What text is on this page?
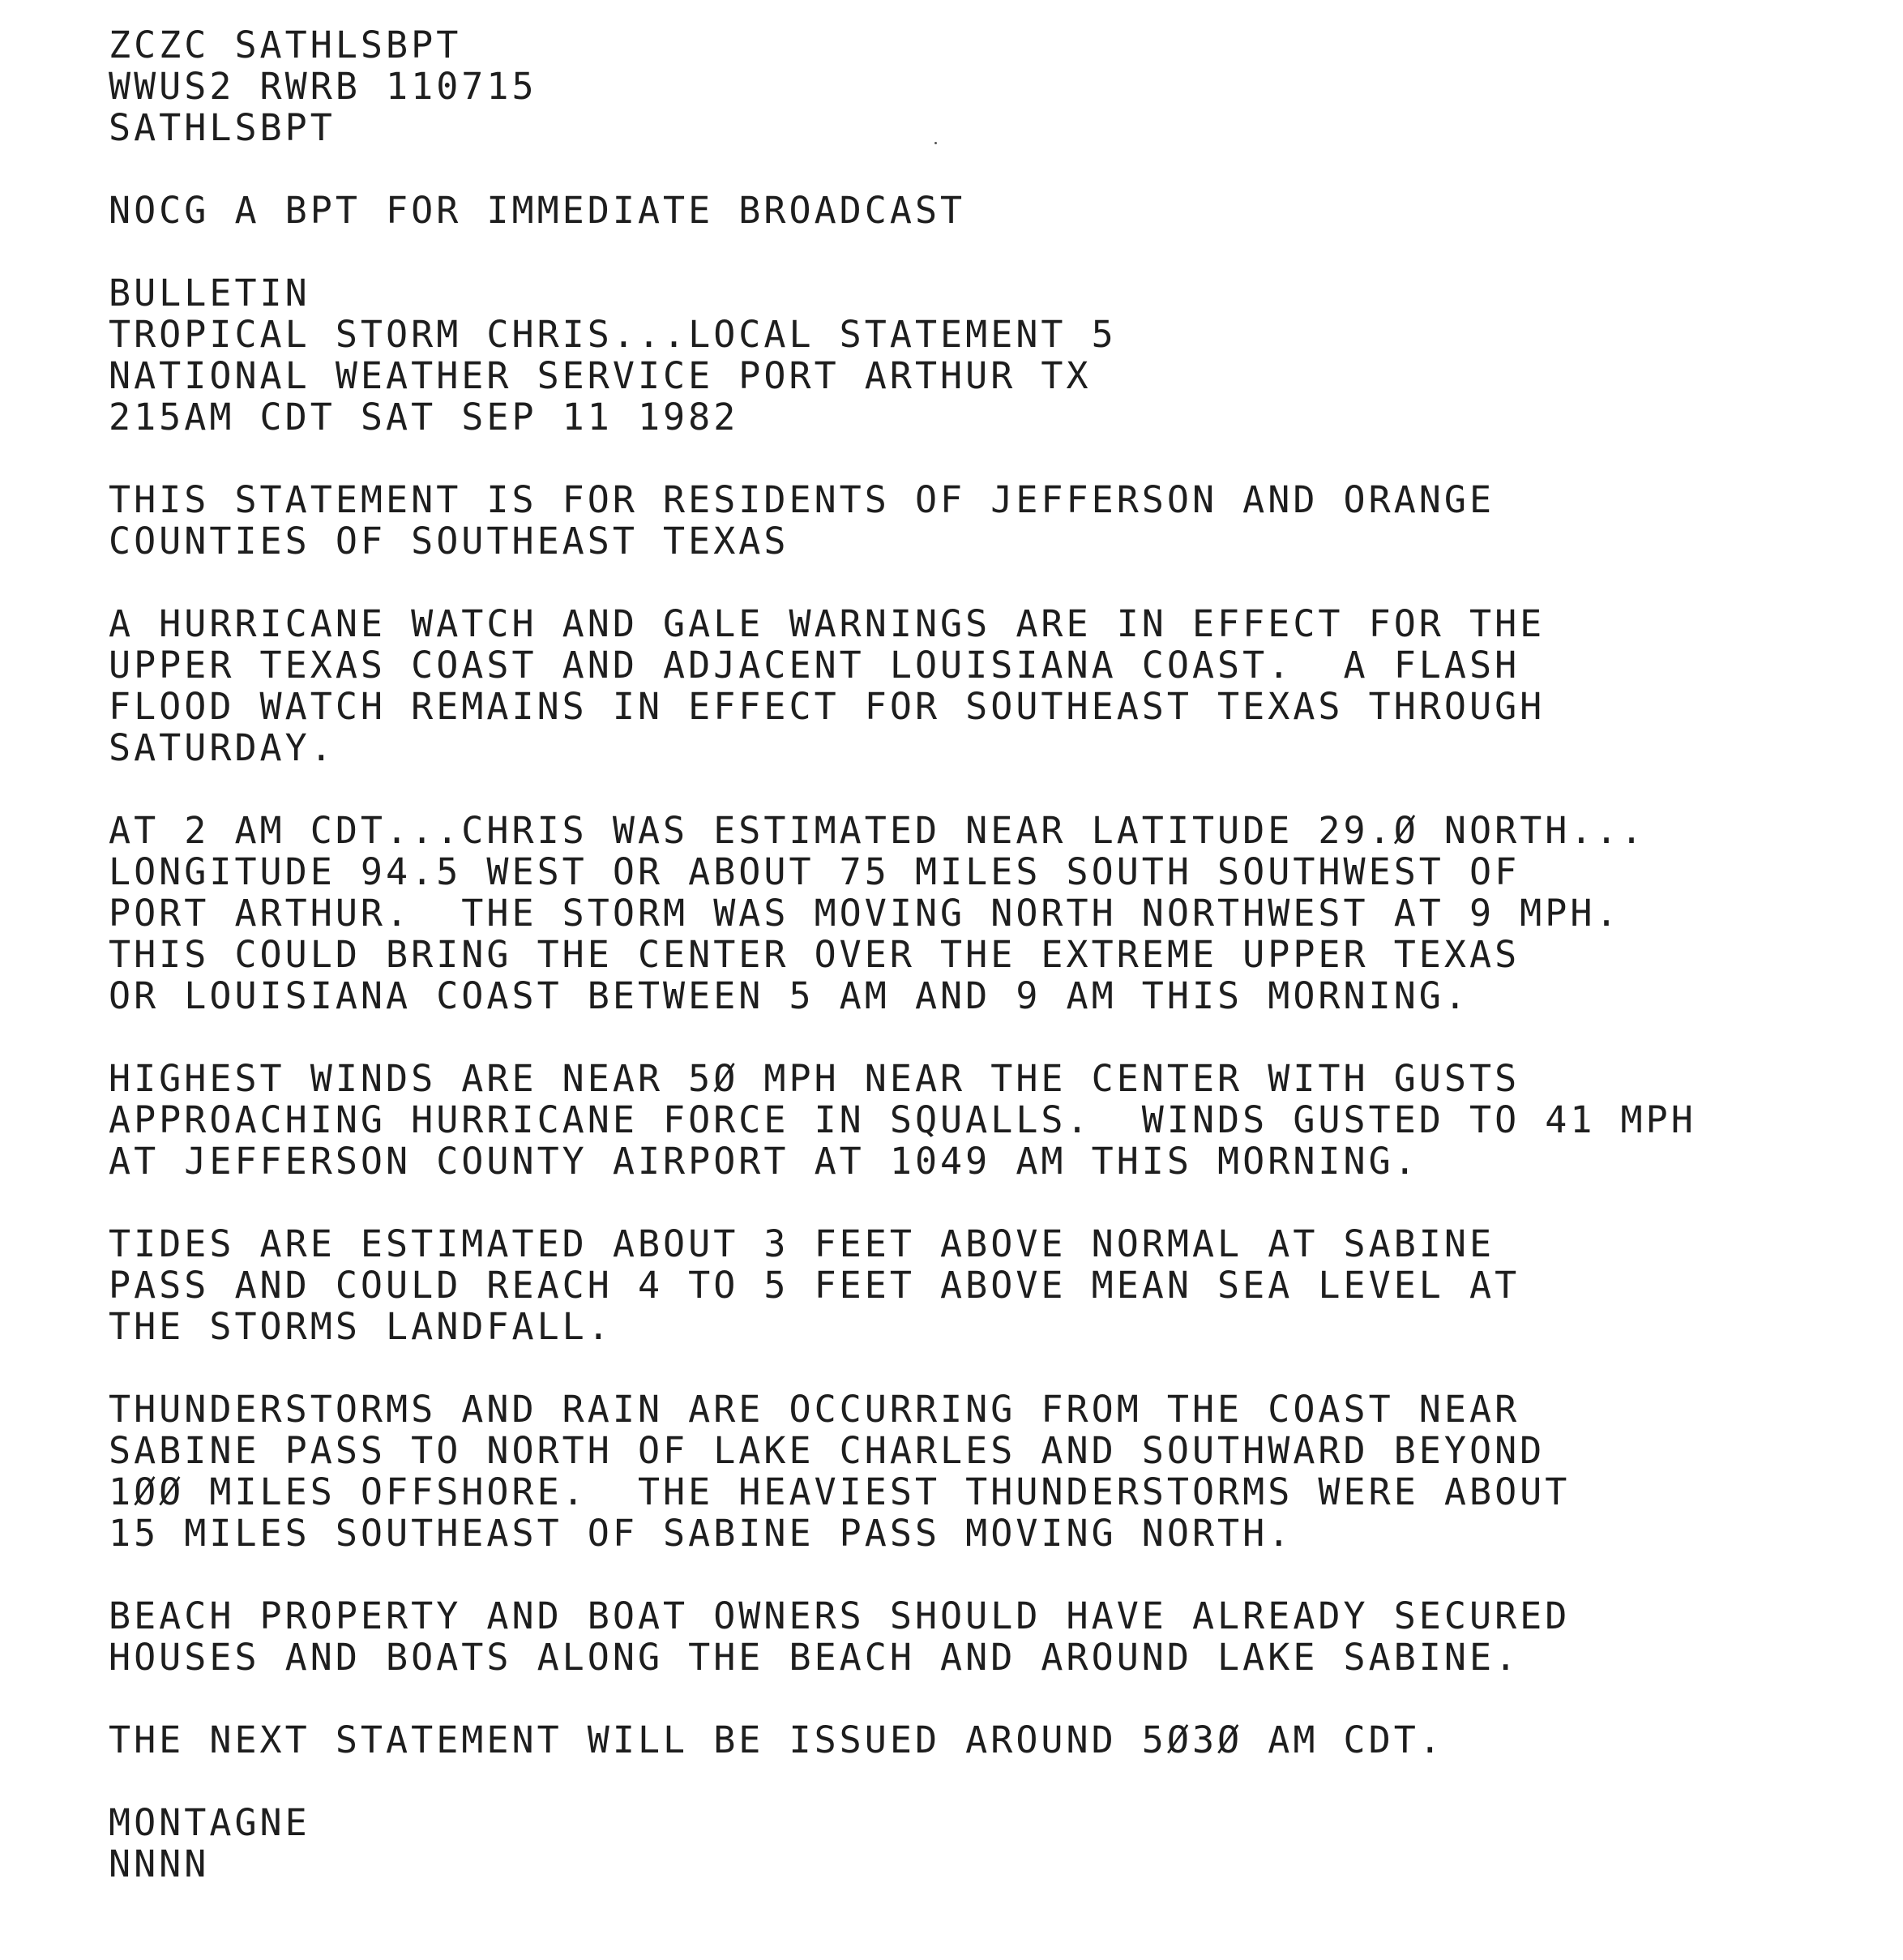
ZCZC SATHLSBPT
WWUS2 RWRB 110715
SATHLSBPT
NOCG A BPT FOR IMMEDIATE BROADCAST
BULLETIN
TROPICAL STORM CHRIS...LOCAL STATEMENT 5
NATIONAL WEATHER SERVICE PORT ARTHUR TX
215AM CDT SAT SEP 11 1982
THIS STATEMENT IS FOR RESIDENTS OF JEFFERSON AND ORANGE
COUNTIES OF SOUTHEAST TEXAS
A HURRICANE WATCH AND GALE WARNINGS ARE IN EFFECT FOR THE
UPPER TEXAS COAST AND ADJACENT LOUISIANA COAST.  A FLASH
FLOOD WATCH REMAINS IN EFFECT FOR SOUTHEAST TEXAS THROUGH
SATURDAY.
AT 2 AM CDT...CHRIS WAS ESTIMATED NEAR LATITUDE 29.Ø NORTH...
LONGITUDE 94.5 WEST OR ABOUT 75 MILES SOUTH SOUTHWEST OF
PORT ARTHUR.  THE STORM WAS MOVING NORTH NORTHWEST AT 9 MPH.
THIS COULD BRING THE CENTER OVER THE EXTREME UPPER TEXAS
OR LOUISIANA COAST BETWEEN 5 AM AND 9 AM THIS MORNING.
HIGHEST WINDS ARE NEAR 5Ø MPH NEAR THE CENTER WITH GUSTS
APPROACHING HURRICANE FORCE IN SQUALLS.  WINDS GUSTED TO 41 MPH
AT JEFFERSON COUNTY AIRPORT AT 1049 AM THIS MORNING.
TIDES ARE ESTIMATED ABOUT 3 FEET ABOVE NORMAL AT SABINE
PASS AND COULD REACH 4 TO 5 FEET ABOVE MEAN SEA LEVEL AT
THE STORMS LANDFALL.
THUNDERSTORMS AND RAIN ARE OCCURRING FROM THE COAST NEAR
SABINE PASS TO NORTH OF LAKE CHARLES AND SOUTHWARD BEYOND
1ØØ MILES OFFSHORE.  THE HEAVIEST THUNDERSTORMS WERE ABOUT
15 MILES SOUTHEAST OF SABINE PASS MOVING NORTH.
BEACH PROPERTY AND BOAT OWNERS SHOULD HAVE ALREADY SECURED
HOUSES AND BOATS ALONG THE BEACH AND AROUND LAKE SABINE.
THE NEXT STATEMENT WILL BE ISSUED AROUND 5Ø3Ø AM CDT.
MONTAGNE
NNNN
